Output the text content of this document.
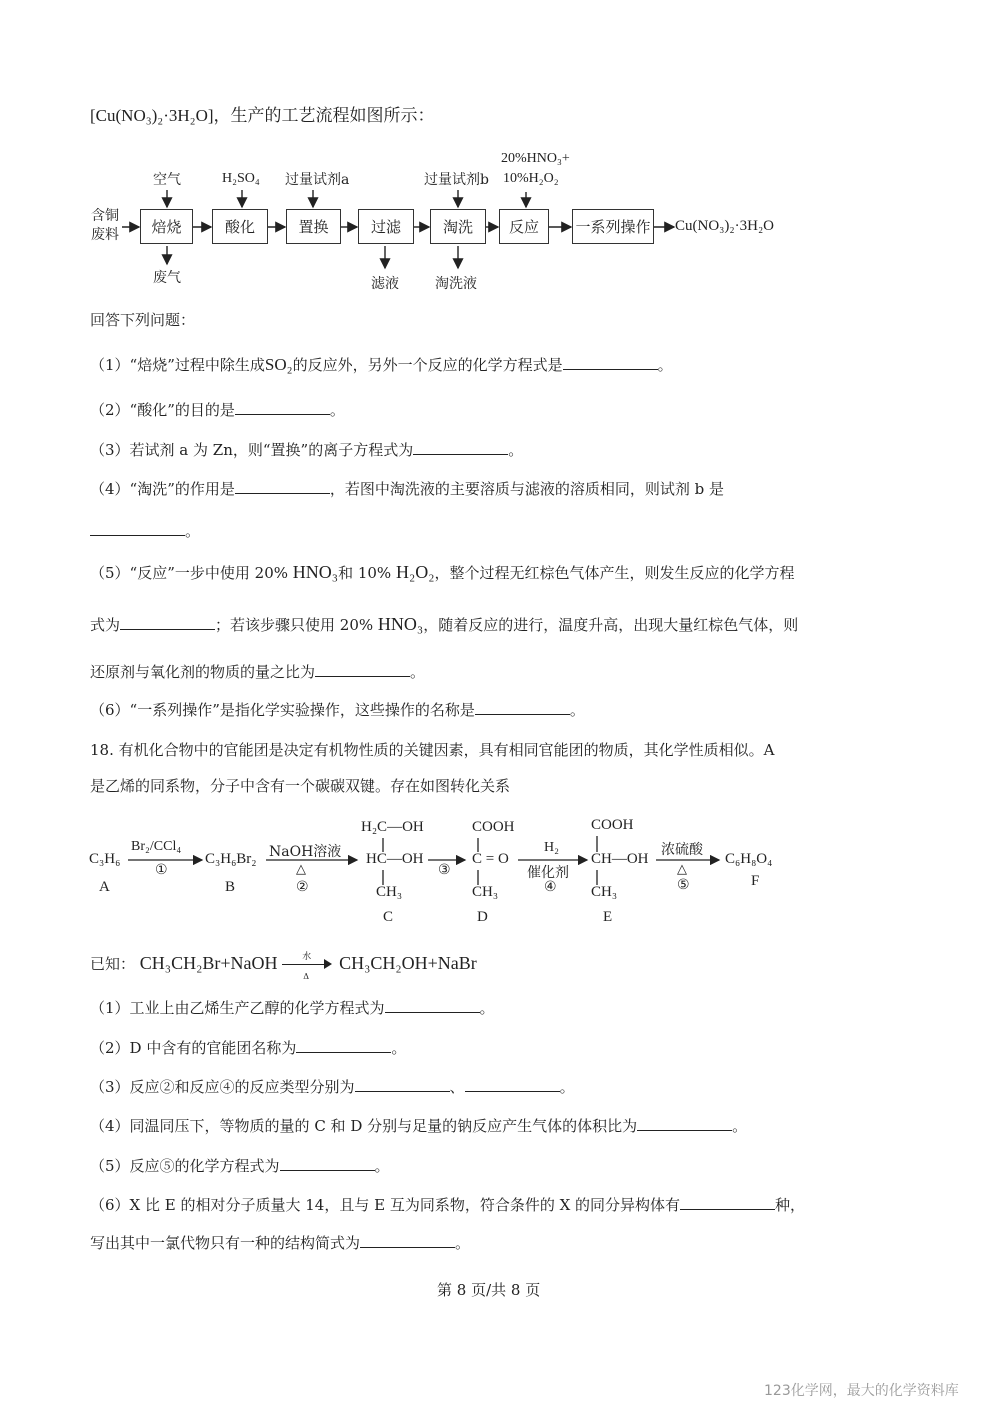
[Cu(NO₃)₂·3H₂O]，生产的工艺流程如图所示：
含铜
废料	焙烧	酸化	置换	过滤	淘洗	反应	一系列操作
空气	H₂SO₄ 过量试剂a	过量试剂b
20%HNO₃+
10%H₂O₂
废气	滤液	淘洗液
Cu(NO₃)₂·3H₂O
回答下列问题：
（1）“焙烧”过程中除生成SO₂的反应外，另外一个反应的化学方程式是	。
（2）“酸化”的目的是	。
（3）若试剂 a 为 Zn，则“置换”的离子方程式为	。
（4）“淘洗”的作用是	，若图中淘洗液的主要溶质与滤液的溶质相同，则试剂 b 是
。
（5）“反应”一步中使用 20% HNO₃和 10% H₂O₂，整个过程无红棕色气体产生，则发生反应的化学方程
式为	；若该步骤只使用 20% HNO₃，随着反应的进行，温度升高，出现大量红棕色气体，则
还原剂与氧化剂的物质的量之比为	。
（6）“一系列操作”是指化学实验操作，这些操作的名称是	。
18. 有机化合物中的官能团是决定有机物性质的关键因素，具有相同官能团的物质，其化学性质相似。A
是乙烯的同系物，分子中含有一个碳碳双键。存在如图转化关系
C₃H₆
A
Br₂/CCl₄
①
C₃H₆Br₂
B
NaOH溶液
△
②
H₂C—OH
HC—OH
CH₃
C
③
COOH
C = O
CH₃
D
H₂
催化剂
④
COOH
CH—OH
CH₃
E
浓硫酸
△
⑤
C₆H₈O₄
F
已知： CH₃CH₂Br+NaOH	水
Δ
CH₃CH₂OH+NaBr
（1）工业上由乙烯生产乙醇的化学方程式为	。
（2）D 中含有的官能团名称为	。
（3）反应②和反应④的反应类型分别为	、	。
（4）同温同压下，等物质的量的 C 和 D 分别与足量的钠反应产生气体的体积比为	。
（5）反应⑤的化学方程式为	。
（6）X 比 E 的相对分子质量大 14，且与 E 互为同系物，符合条件的 X 的同分异构体有	种，
写出其中一氯代物只有一种的结构简式为	。
第 8 页/共 8 页
123化学网，最大的化学资料库
